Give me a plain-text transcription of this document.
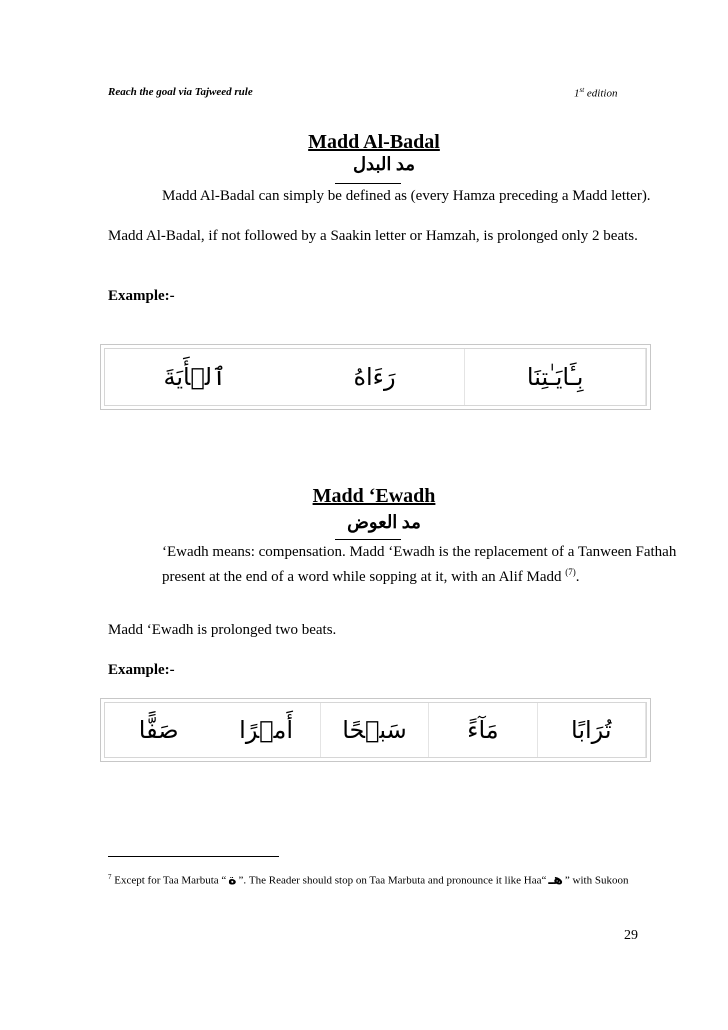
Reach the goal via Tajweed rule	1st edition
Madd Al-Badal
مد البدل
Madd Al-Badal can simply be defined as (every Hamza preceding a Madd letter).
Madd Al-Badal, if not followed by a Saakin letter or Hamzah, is prolonged only 2 beats.
Example:-
بِـَٔايَـٰتِنَا
رَءَاهُ
ٱلۡأَيَةَ
Madd ‘Ewadh
مد العوض
‘Ewadh means: compensation. Madd ‘Ewadh is the replacement of a Tanween Fathah present at the end of a word while sopping at it, with an Alif Madd $^{(7)}$.
Madd ‘Ewadh is prolonged two beats.
Example:-
تُرَابًا
مَآءً
سَبۡحًا
أَمۡرًا
صَفًّا
$^7$ Except for Taa Marbuta “ ة ”. The Reader should stop on Taa Marbuta and pronounce it like Haa“ هـ ” with Sukoon
29
